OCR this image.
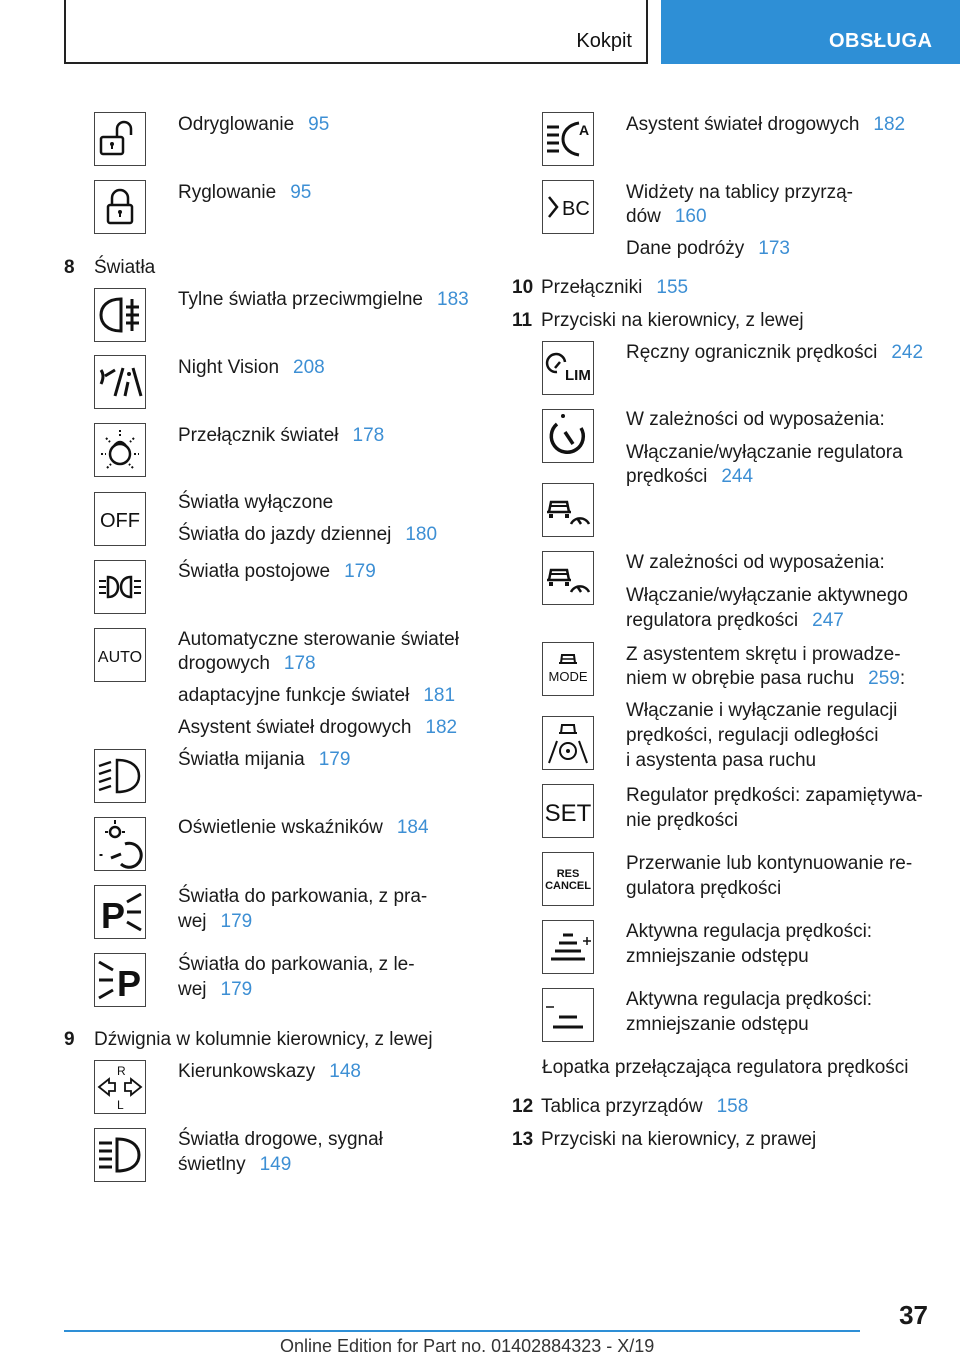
Kokpit	OBSŁUGA
Odryglowanie 95
Ryglowanie 95
8 Światła
Tylne światła przeciwmgielne 183
Night Vision 208
Przełącznik świateł 178
OFF
Światła wyłączone
Światła do jazdy dziennej 180
Światła postojowe 179
AUTO
Automatyczne sterowanie świateł
drogowych 178
adaptacyjne funkcje świateł 181
Asystent świateł drogowych 182
Światła mijania 179
Oświetlenie wskaźników 184
P	Światła do parkowania, z pra-
wej 179
P Światła do parkowania, z le-
wej 179
9 Dźwignia w kolumnie kierownicy, z lewej
R
L
Kierunkowskazy 148
Światła drogowe, sygnał
świetlny 149
A Asystent świateł drogowych 182
BC
Widżety na tablicy przyrzą-
dów 160
Dane podróży 173
10 Przełączniki 155
11 Przyciski na kierownicy, z lewej
LIM
Ręczny ogranicznik prędkości 242
W zależności od wyposażenia:
Włączanie/wyłączanie regulatora
prędkości 244
W zależności od wyposażenia:
Włączanie/wyłączanie aktywnego
regulatora prędkości 247
MODE
Z asystentem skrętu i prowadze-
niem w obrębie pasa ruchu 259:
Włączanie i wyłączanie regulacji
prędkości, regulacji odległości
i asystenta pasa ruchu
SET
Regulator prędkości: zapamiętywa-
nie prędkości
RES
CANCEL
Przerwanie lub kontynuowanie re-
gulatora prędkości
Aktywna regulacja prędkości:
zmniejszanie odstępu
Aktywna regulacja prędkości:
zmniejszanie odstępu
Łopatka przełączająca regulatora prędkości
12 Tablica przyrządów 158
13 Przyciski na kierownicy, z prawej
37
Online Edition for Part no. 01402884323 - X/19
